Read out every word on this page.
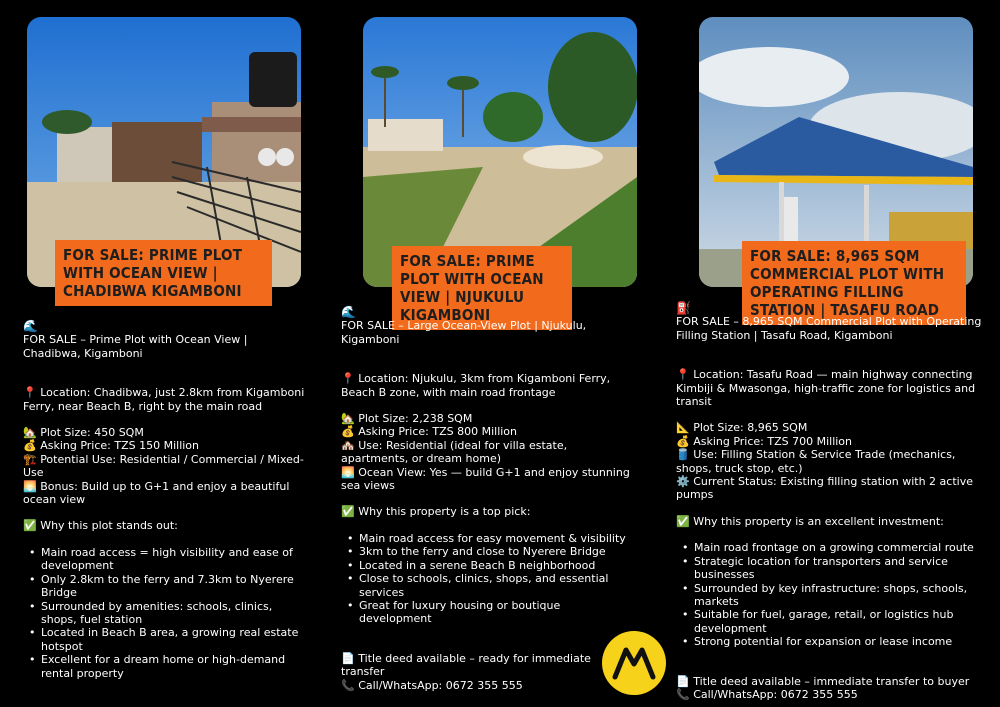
FOR SALE: PRIME PLOT WITH OCEAN VIEW | CHADIBWA KIGAMBONI
FOR SALE: PRIME PLOT WITH OCEAN VIEW | NJUKULU KIGAMBONI
FOR SALE: 8,965 SQM COMMERCIAL PLOT WITH OPERATING FILLING STATION | TASAFU ROAD

🌊

FOR SALE – Prime Plot with Ocean View | Chadibwa, Kigamboni

📍 Location: Chadibwa, just 2.8km from Kigamboni Ferry, near Beach B, right by the main road

🏡 Plot Size: 450 SQM

💰 Asking Price: TZS 150 Million

🏗️ Potential Use: Residential / Commercial / Mixed-Use

🌅 Bonus: Build up to G+1 and enjoy a beautiful ocean view

✅ Why this plot stands out:

• Main road access = high visibility and ease of development
• Only 2.8km to the ferry and 7.3km to Nyerere Bridge
• Surrounded by amenities: schools, clinics, shops, fuel station
• Located in Beach B area, a growing real estate hotspot
• Excellent for a dream home or high-demand rental property

🌊

FOR SALE – Large Ocean-View Plot | Njukulu, Kigamboni

📍 Location: Njukulu, 3km from Kigamboni Ferry, Beach B zone, with main road frontage

🏡 Plot Size: 2,238 SQM

💰 Asking Price: TZS 800 Million

🏘️ Use: Residential (ideal for villa estate, apartments, or dream home)

🌅 Ocean View: Yes — build G+1 and enjoy stunning sea views

✅ Why this property is a top pick:

• Main road access for easy movement & visibility
• 3km to the ferry and close to Nyerere Bridge
• Located in a serene Beach B neighborhood
• Close to schools, clinics, shops, and essential services
• Great for luxury housing or boutique development

📄 Title deed available – ready for immediate transfer

📞 Call/WhatsApp: 0672 355 555

⛽

FOR SALE – 8,965 SQM Commercial Plot with Operating Filling Station | Tasafu Road, Kigamboni

📍 Location: Tasafu Road — main highway connecting Kimbiji & Mwasonga, high-traffic zone for logistics and transit

📐 Plot Size: 8,965 SQM

💰 Asking Price: TZS 700 Million

🛢️ Use: Filling Station & Service Trade (mechanics, shops, truck stop, etc.)

⚙️ Current Status: Existing filling station with 2 active pumps

✅ Why this property is an excellent investment:

• Main road frontage on a growing commercial route
• Strategic location for transporters and service businesses
• Surrounded by key infrastructure: shops, schools, markets
• Suitable for fuel, garage, retail, or logistics hub development
• Strong potential for expansion or lease income

📄 Title deed available – immediate transfer to buyer

📞 Call/WhatsApp: 0672 355 555
